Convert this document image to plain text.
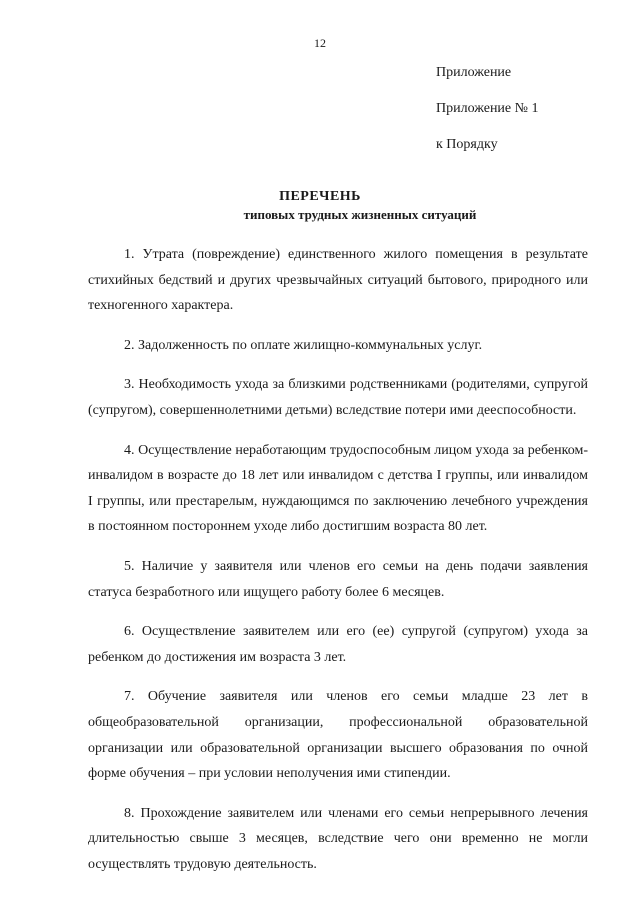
12
Приложение
Приложение № 1
к Порядку
ПЕРЕЧЕНЬ
типовых трудных жизненных ситуаций

1. Утрата (повреждение) единственного жилого помещения в результате стихийных бедствий и других чрезвычайных ситуаций бытового, природного или техногенного характера.

2. Задолженность по оплате жилищно-коммунальных услуг.

3. Необходимость ухода за близкими родственниками (родителями, супругой (супругом), совершеннолетними детьми) вследствие потери ими дееспособности.

4. Осуществление неработающим трудоспособным лицом ухода за ребенком-инвалидом в возрасте до 18 лет или инвалидом с детства I группы, или инвалидом I группы, или престарелым, нуждающимся по заключению лечебного учреждения в постоянном постороннем уходе либо достигшим возраста 80 лет.

5. Наличие у заявителя или членов его семьи на день подачи заявления статуса безработного или ищущего работу более 6 месяцев.

6. Осуществление заявителем или его (ее) супругой (супругом) ухода за ребенком до достижения им возраста 3 лет.

7. Обучение заявителя или членов его семьи младше 23 лет в общеобразовательной организации, профессиональной образовательной организации или образовательной организации высшего образования по очной форме обучения – при условии неполучения ими стипендии.

8. Прохождение заявителем или членами его семьи непрерывного лечения длительностью свыше 3 месяцев, вследствие чего они временно не могли осуществлять трудовую деятельность.
